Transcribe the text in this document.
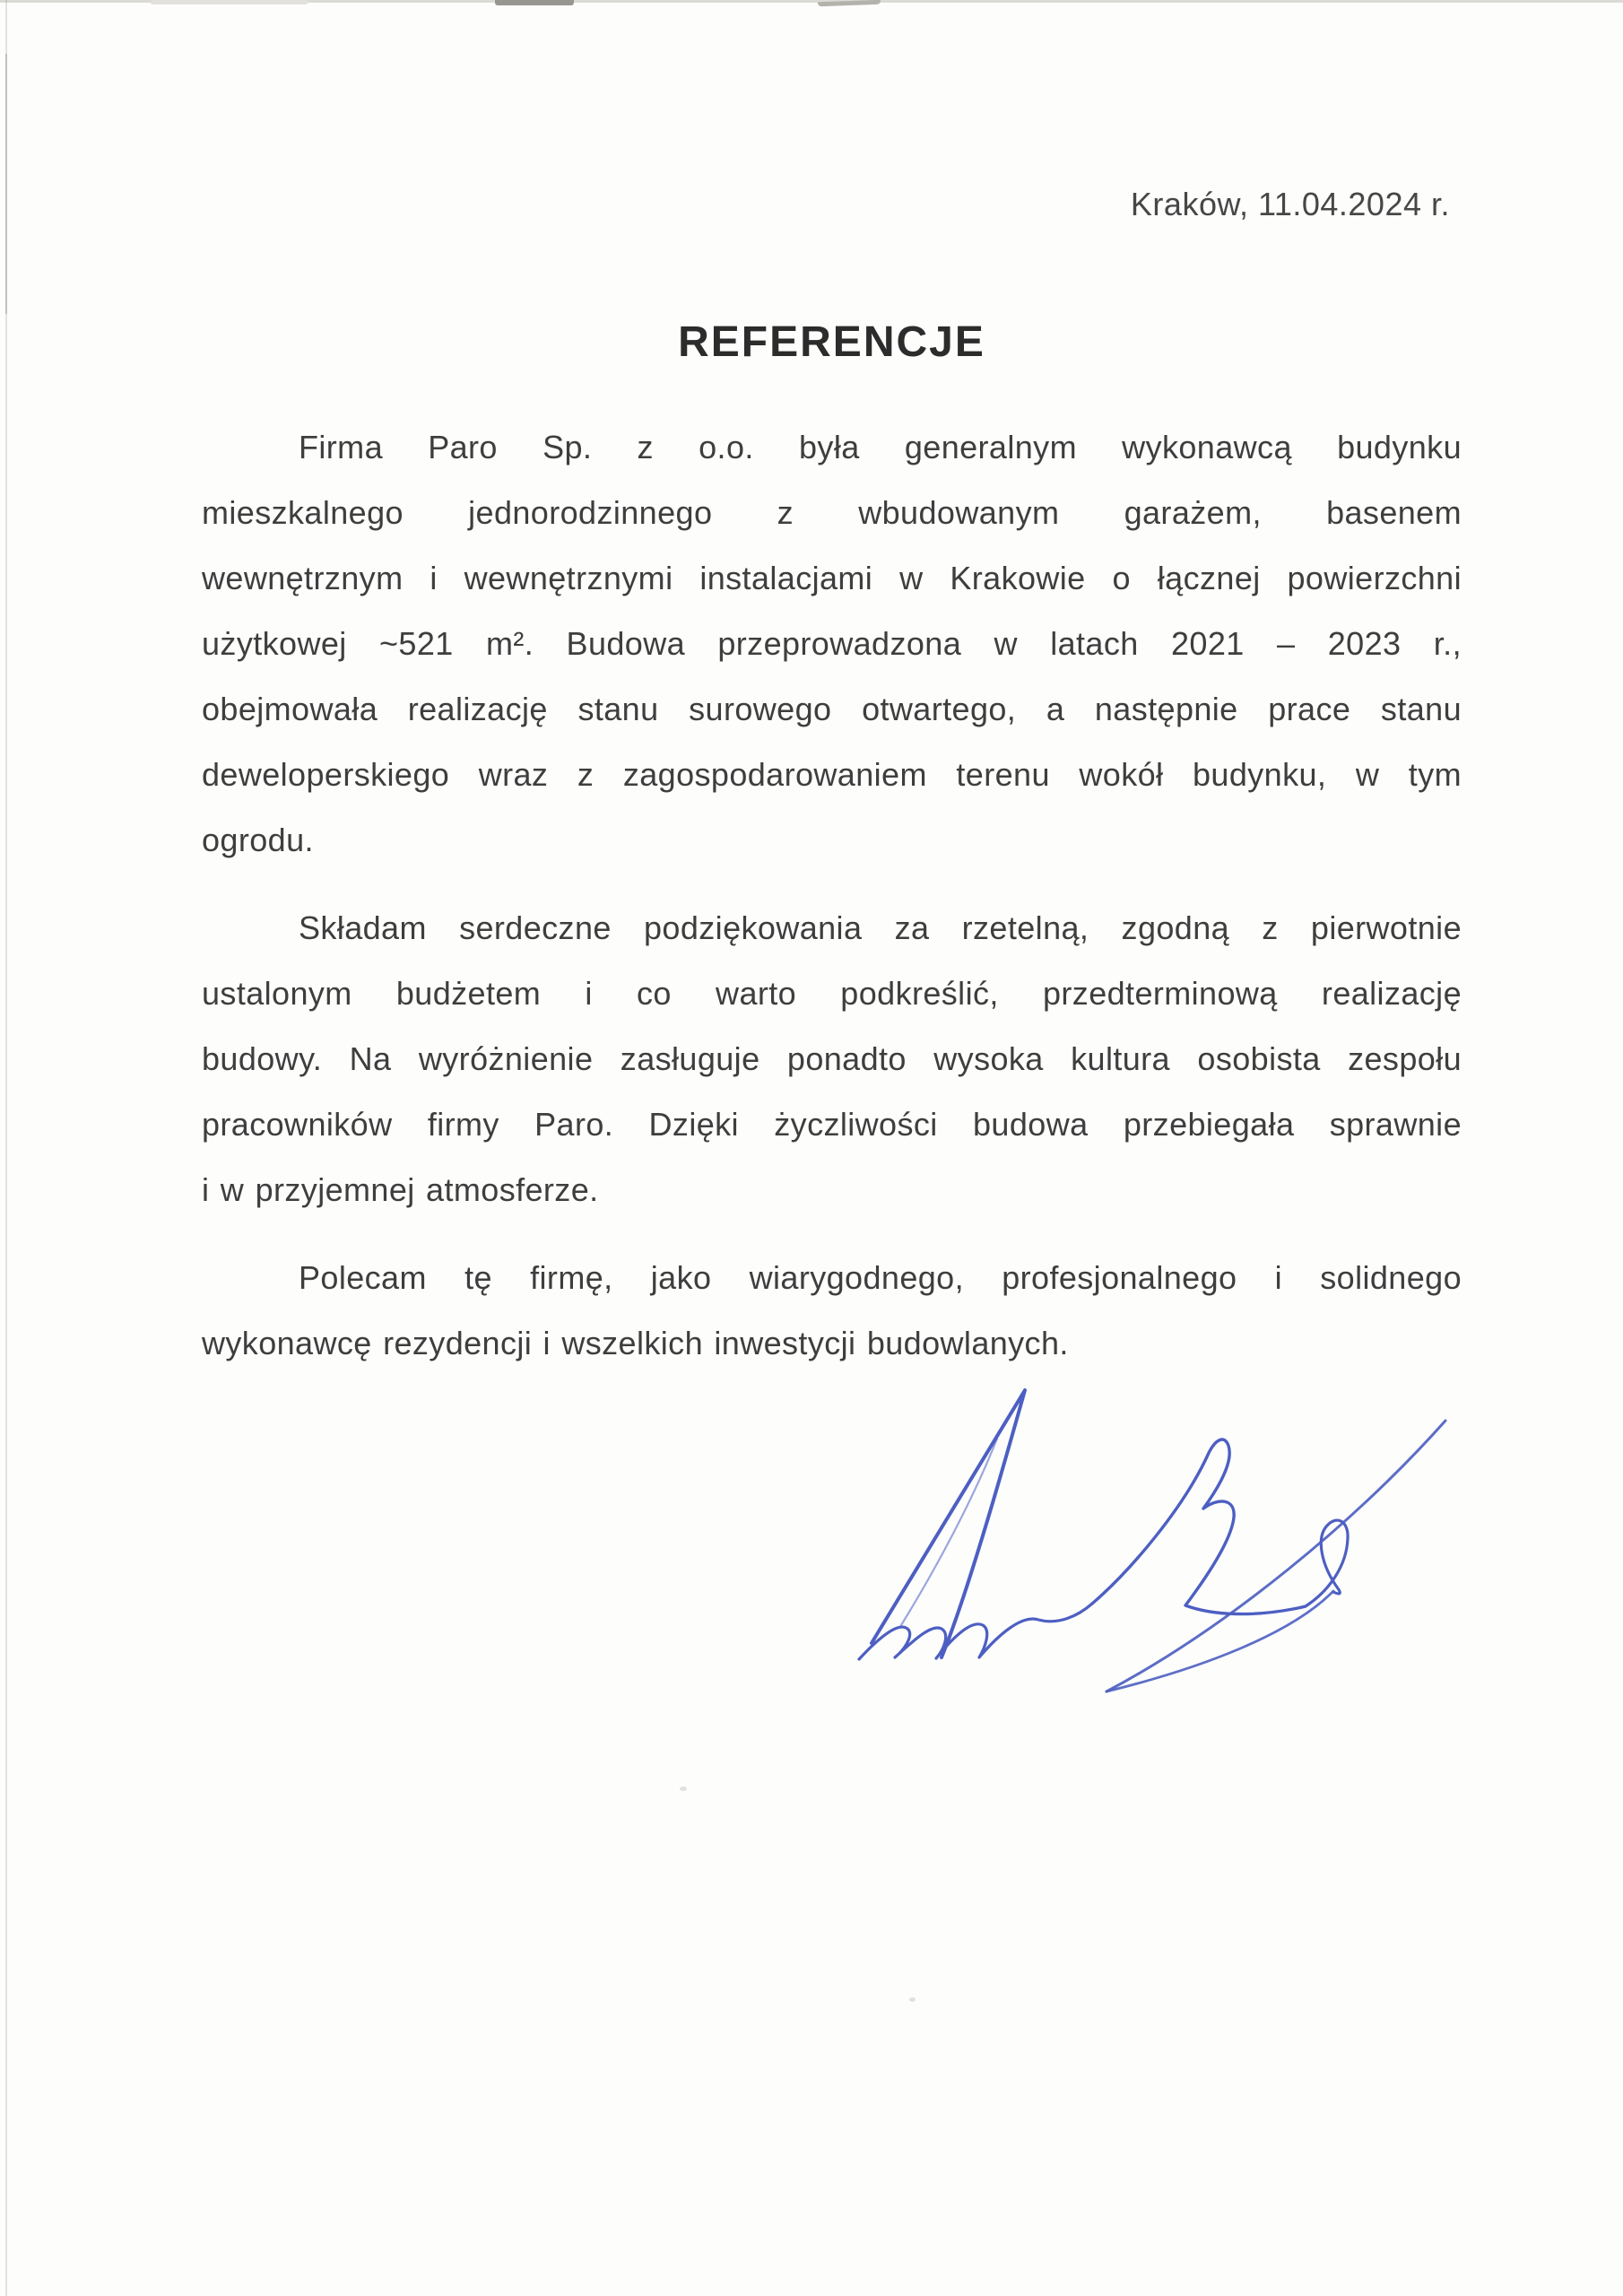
Kraków, 11.04.2024 r.
REFERENCJE
Firma Paro Sp. z o.o. była generalnym wykonawcą budynku
mieszkalnego jednorodzinnego z wbudowanym garażem, basenem
wewnętrznym i wewnętrznymi instalacjami w Krakowie o łącznej powierzchni
użytkowej ~521 m². Budowa przeprowadzona w latach 2021 – 2023 r.,
obejmowała realizację stanu surowego otwartego, a następnie prace stanu
deweloperskiego wraz z zagospodarowaniem terenu wokół budynku, w tym
ogrodu.
Składam serdeczne podziękowania za rzetelną, zgodną z pierwotnie
ustalonym budżetem i co warto podkreślić, przedterminową realizację
budowy. Na wyróżnienie zasługuje ponadto wysoka kultura osobista zespołu
pracowników firmy Paro. Dzięki życzliwości budowa przebiegała sprawnie
i w przyjemnej atmosferze.
Polecam tę firmę, jako wiarygodnego, profesjonalnego i solidnego
wykonawcę rezydencji i wszelkich inwestycji budowlanych.
